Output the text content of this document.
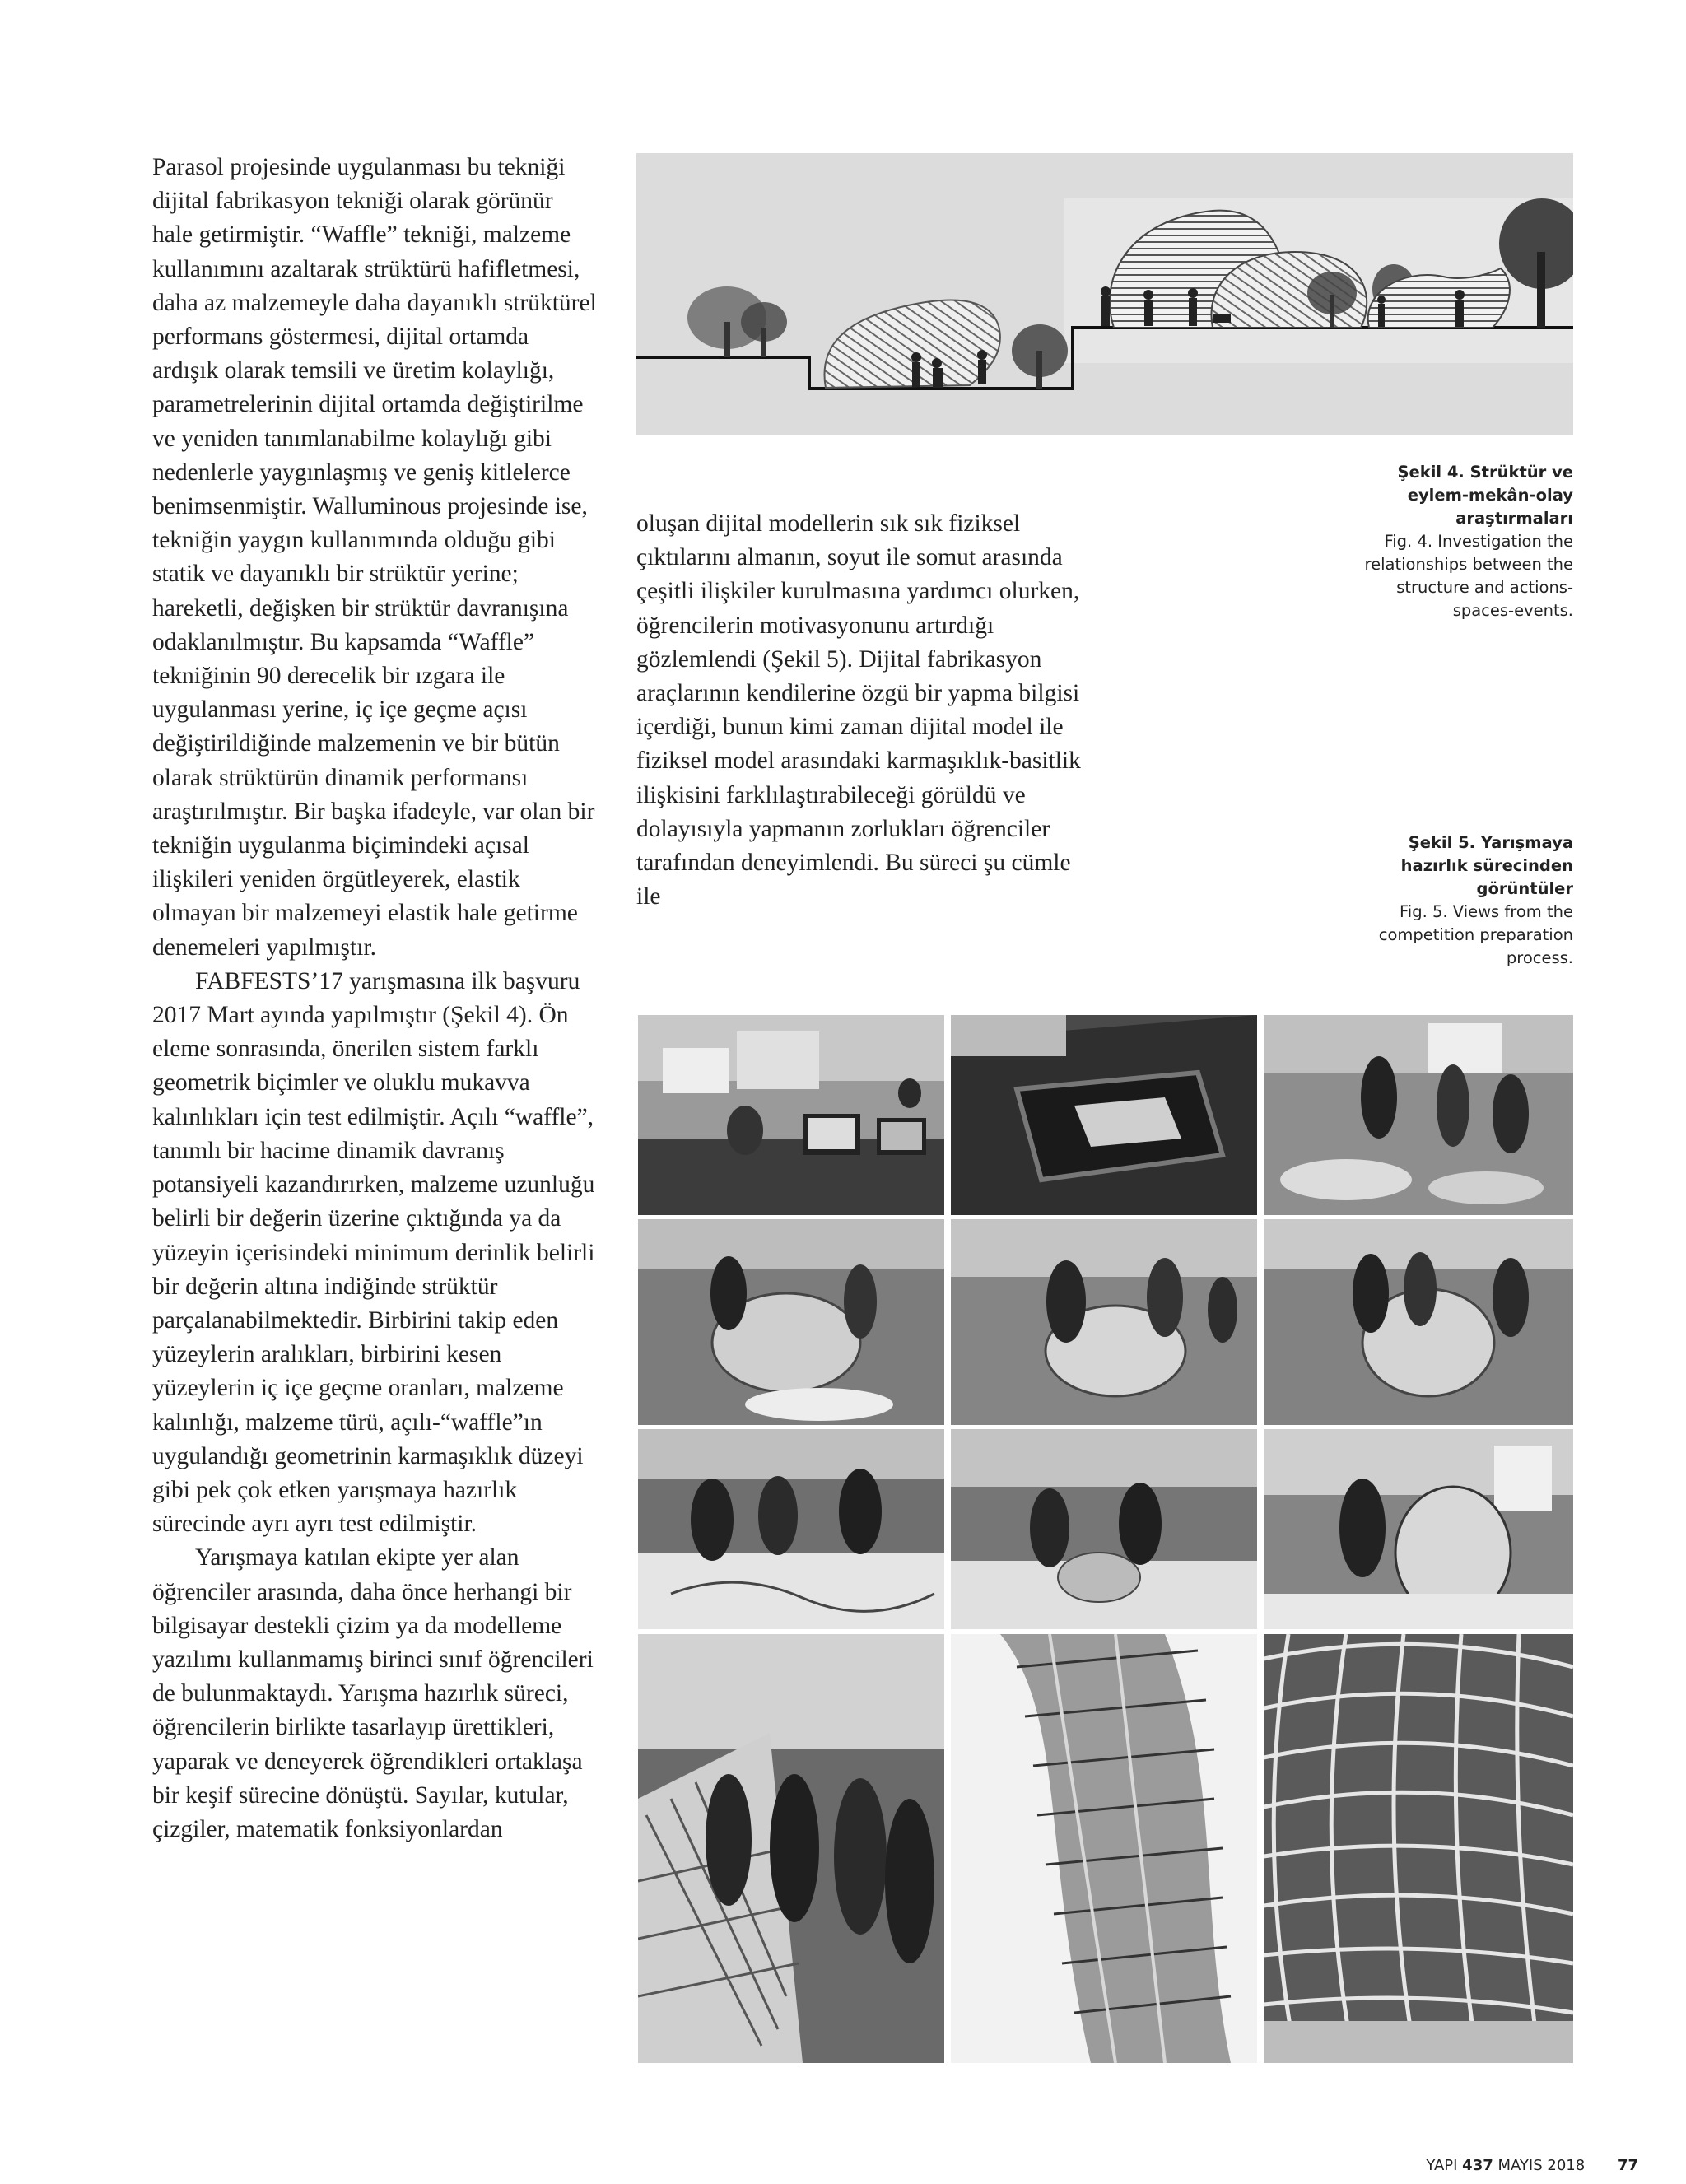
Parasol projesinde uygulanması bu tekniği dijital fabrikasyon tekniği olarak görünür hale getirmiştir. “Waffle” tekniği, malzeme kullanımını azaltarak strüktürü hafifletmesi, daha az malzemeyle daha dayanıklı strüktürel performans göstermesi, dijital ortamda ardışık olarak temsili ve üretim kolaylığı, parametrelerinin dijital ortamda değiştirilme ve yeniden tanımlanabilme kolaylığı gibi nedenlerle yaygınlaşmış ve geniş kitlelerce benimsenmiştir. Walluminous projesinde ise, tekniğin yaygın kullanımında olduğu gibi statik ve dayanıklı bir strüktür yerine; hareketli, değişken bir strüktür davranışına odaklanılmıştır. Bu kapsamda “Waffle” tekniğinin 90 derecelik bir ızgara ile uygulanması yerine, iç içe geçme açısı değiştirildiğinde malzemenin ve bir bütün olarak strüktürün dinamik performansı araştırılmıştır. Bir başka ifadeyle, var olan bir tekniğin uygulanma biçimindeki açısal ilişkileri yeniden örgütleyerek, elastik olmayan bir malzemeyi elastik hale getirme denemeleri yapılmıştır.

FABFESTS’17 yarışmasına ilk başvuru 2017 Mart ayında yapılmıştır (Şekil 4). Ön eleme sonrasında, önerilen sistem farklı geometrik biçimler ve oluklu mukavva kalınlıkları için test edilmiştir. Açılı “waffle”, tanımlı bir hacime dinamik davranış potansiyeli kazandırırken, malzeme uzunluğu belirli bir değerin üzerine çıktığında ya da yüzeyin içerisindeki minimum derinlik belirli bir değerin altına indiğinde strüktür parçalanabilmektedir. Birbirini takip eden yüzeylerin aralıkları, birbirini kesen yüzeylerin iç içe geçme oranları, malzeme kalınlığı, malzeme türü, açılı-“waffle”ın uygulandığı geometrinin karmaşıklık düzeyi gibi pek çok etken yarışmaya hazırlık sürecinde ayrı ayrı test edilmiştir.

Yarışmaya katılan ekipte yer alan öğrenciler arasında, daha önce herhangi bir bilgisayar destekli çizim ya da modelleme yazılımı kullanmamış birinci sınıf öğrencileri de bulunmaktaydı. Yarışma hazırlık süreci, öğrencilerin birlikte tasarlayıp ürettikleri, yaparak ve deneyerek öğrendikleri ortaklaşa bir keşif sürecine dönüştü. Sayılar, kutular, çizgiler, matematik fonksiyonlardan

Şekil 4. Strüktür ve eylem-mekân-olay araştırmaları
Fig. 4. Investigation the relationships between the structure and actions-spaces-events.

oluşan dijital modellerin sık sık fiziksel çıktılarını almanın, soyut ile somut arasında çeşitli ilişkiler kurulmasına yardımcı olurken, öğrencilerin motivasyonunu artırdığı gözlemlendi (Şekil 5). Dijital fabrikasyon araçlarının kendilerine özgü bir yapma bilgisi içerdiği, bunun kimi zaman dijital model ile fiziksel model arasındaki karmaşıklık-basitlik ilişkisini farklılaştırabileceği görüldü ve dolayısıyla yapmanın zorlukları öğrenciler tarafından deneyimlendi. Bu süreci şu cümle ile

Şekil 5. Yarışmaya hazırlık sürecinden görüntüler
Fig. 5. Views from the competition preparation process.
YAPI 437 MAYIS 2018 77
